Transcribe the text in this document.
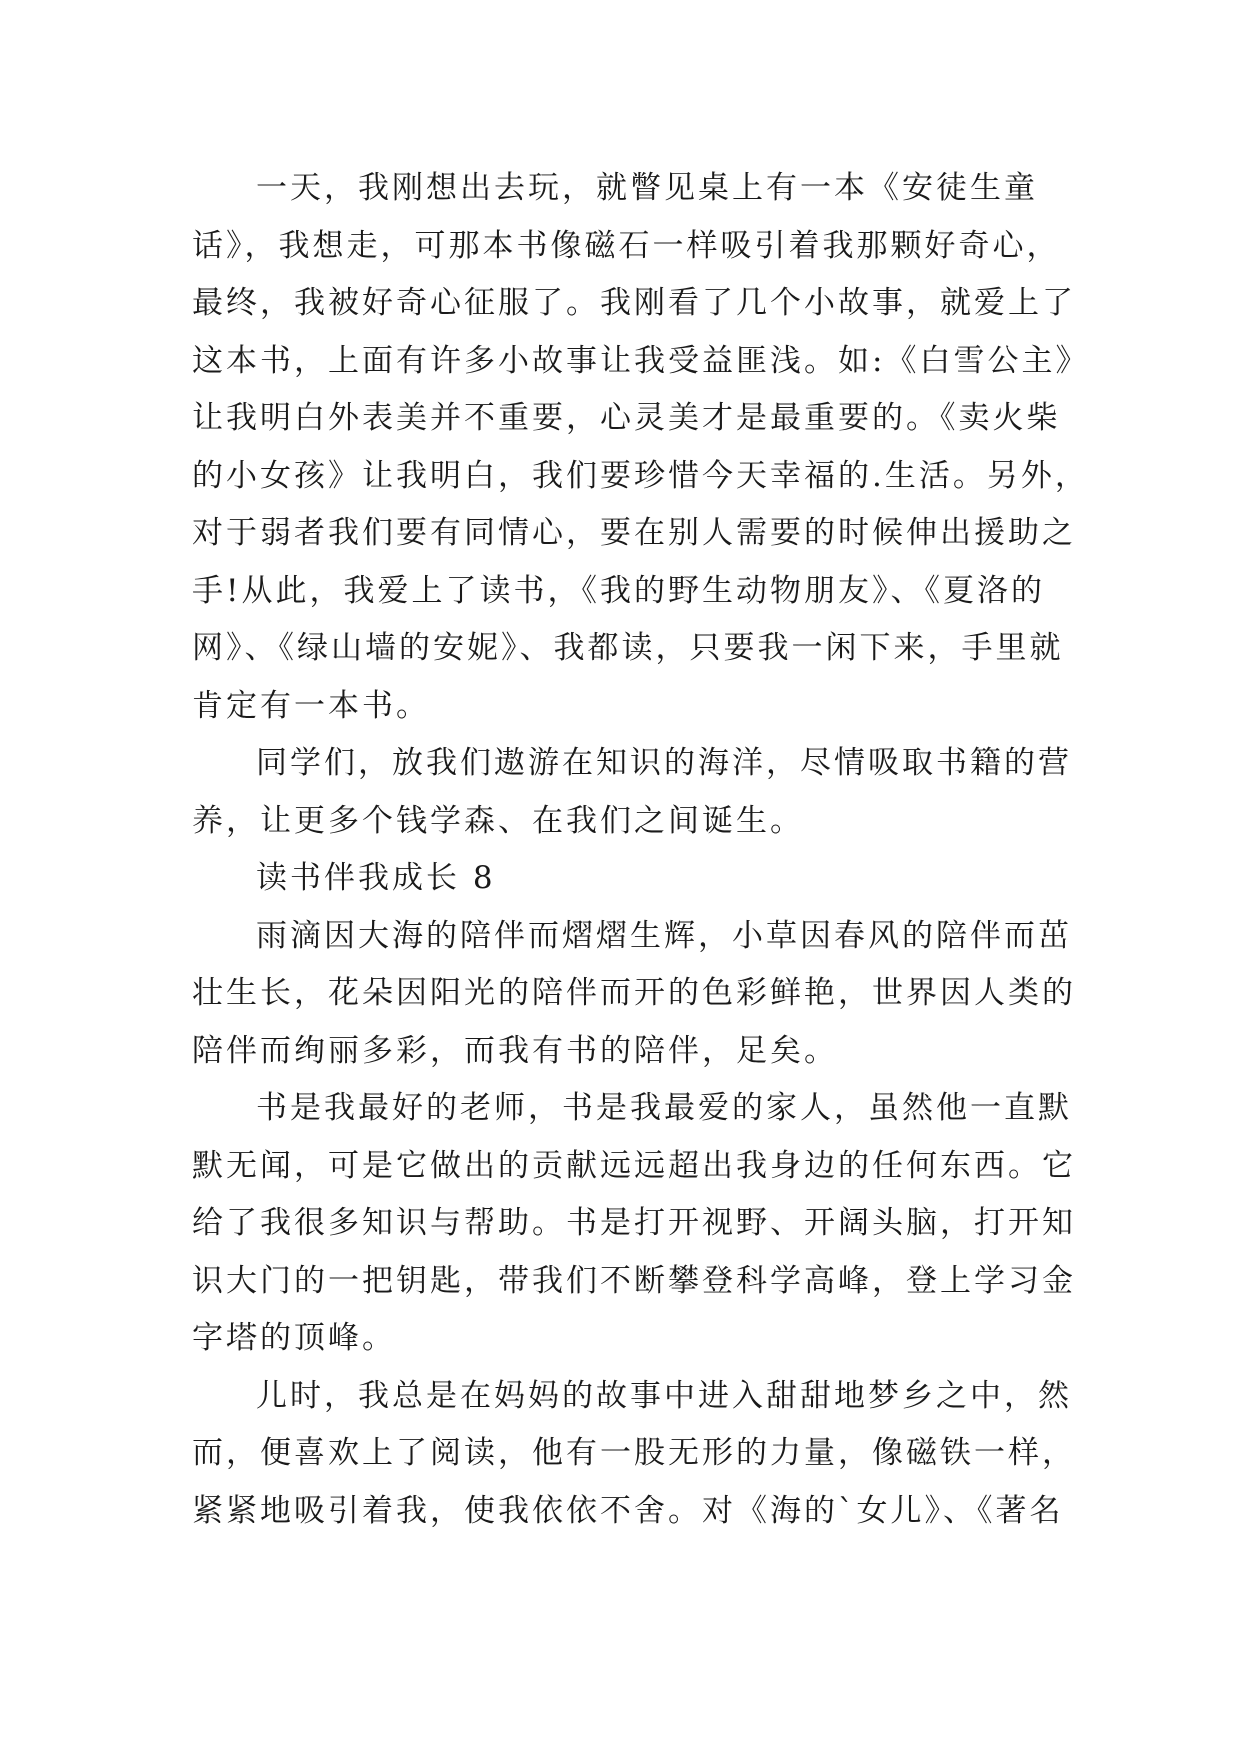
一天，我刚想出去玩，就瞥见桌上有一本《安徒生童
话》，我想走，可那本书像磁石一样吸引着我那颗好奇心，
最终，我被好奇心征服了。我刚看了几个小故事，就爱上了
这本书，上面有许多小故事让我受益匪浅。如:《白雪公主》
让我明白外表美并不重要，心灵美才是最重要的。《卖火柴
的小女孩》让我明白，我们要珍惜今天幸福的.生活。另外，
对于弱者我们要有同情心，要在别人需要的时候伸出援助之
手!从此，我爱上了读书，《我的野生动物朋友》、《夏洛的
网》、《绿山墙的安妮》、我都读，只要我一闲下来，手里就
肯定有一本书。
同学们，放我们遨游在知识的海洋，尽情吸取书籍的营
养，让更多个钱学森、在我们之间诞生。
读书伴我成长 8
雨滴因大海的陪伴而熠熠生辉，小草因春风的陪伴而茁
壮生长，花朵因阳光的陪伴而开的色彩鲜艳，世界因人类的
陪伴而绚丽多彩，而我有书的陪伴，足矣。
书是我最好的老师，书是我最爱的家人，虽然他一直默
默无闻，可是它做出的贡献远远超出我身边的任何东西。它
给了我很多知识与帮助。书是打开视野、开阔头脑，打开知
识大门的一把钥匙，带我们不断攀登科学高峰，登上学习金
字塔的顶峰。
儿时，我总是在妈妈的故事中进入甜甜地梦乡之中，然
而，便喜欢上了阅读，他有一股无形的力量，像磁铁一样，
紧紧地吸引着我，使我依依不舍。对《海的`女儿》、《著名
